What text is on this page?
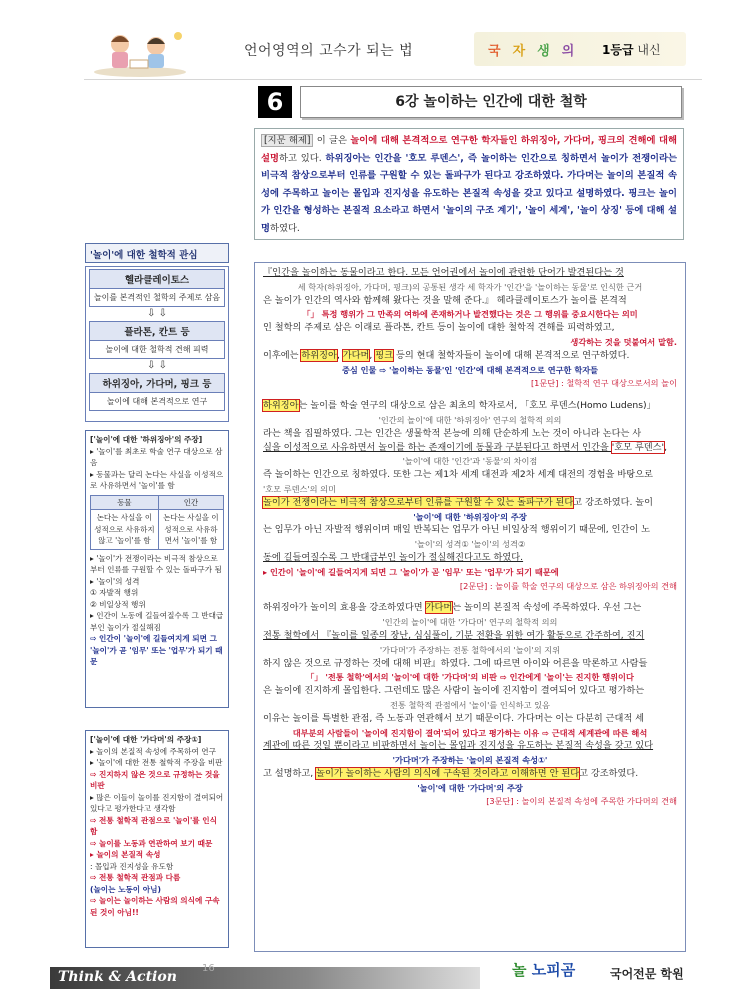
언어영역의 고수가 되는 법	국 자 생 의	1등급 내신
6	6강 놀이하는 인간에 대한 철학
[지문 해제] 이 글은 놀이에 대해 본격적으로 연구한 학자들인 하위징아, 가다머, 핑크의 견해에 대해 설명하고 있다. 하위징아는 인간을 '호모 루덴스', 즉 놀이하는 인간으로 칭하면서 놀이가 전쟁이라는 비극적 참상으로부터 인류를 구원할 수 있는 돌파구가 된다고 강조하였다. 가다머는 놀이의 본질적 속성에 주목하고 놀이는 몰입과 진지성을 유도하는 본질적 속성을 갖고 있다고 설명하였다. 핑크는 놀이가 인간을 형성하는 본질적 요소라고 하면서 '놀이의 구조 계기', '놀이 세계', '놀이 상징' 등에 대해 설명하였다.
'놀이'에 대한 철학적 관심
헬라클레이토스
놀이를 본격적인 철학의 주제로 삼음
⇩ ⇩
플라톤, 칸트 등
놀이에 대한 철학적 견해 피력
⇩ ⇩
하위징아, 가다머, 핑크 등
놀이에 대해 본격적으로 연구
['놀이'에 대한 '하위징아'의 주장]
▸ '놀이'를 최초로 학술 연구 대상으로 삼음
▸ 동물과는 달리 논다는 사실을 이성적으로 사유하면서 '놀이'를 함
동물	인간
논다는 사실을 이성적으로 사유하지 않고 '놀이'를 함	논다는 사실을 이성적으로 사유하면서 '놀이'를 함
▸ '놀이'가 전쟁이라는 비극적 참상으로부터 인류를 구원할 수 있는 돌파구가 됨
▸ '놀이'의 성격
① 자발적 행위
② 비일상적 행위
▸ 인간이 노동에 길들여질수록 그 반대급부인 놀이가 절실해짐
⇨ 인간이 '놀이'에 길들여지게 되면 그 '놀이'가 곧 '임무' 또는 '업무'가 되기 때문
['놀이'에 대한 '가다머'의 주장①]
▸ 놀이의 본질적 속성에 주목하여 연구
▸ '놀이'에 대한 전통 철학적 주장을 비판
⇨ 진지하지 않은 것으로 규정하는 것을 비판
▸ 많은 이들이 놀이를 진지함이 결여되어 있다고 평가한다고 생각함
⇨ 전통 철학적 관점으로 '놀이'를 인식함
⇨ 놀이를 노동과 연관하여 보기 때문
▸ 놀이의 본질적 속성
: 몰입과 진지성을 유도함
⇨ 전통 철학적 관점과 다름
(놀이는 노동이 아님)
⇨ 놀이는 놀이하는 사람의 의식에 구속된 것이 아님!!

『인간을 놀이하는 동물이라고 한다. 모든 언어권에서 놀이에 관련한 단어가 발견된다는 것

세 학자(하위징아, 가다머, 핑크)의 공통된 생각 세 학자가 '인간'을 '놀이하는 동물'로 인식한 근거

은 놀이가 인간의 역사와 함께해 왔다는 것을 말해 준다.』 헤라클레이토스가 놀이를 본격적

「」 특정 행위가 그 만족의 여하에 존재하거나 발견했다는 것은 그 행위를 중요시한다는 의미

인 철학의 주제로 삼은 이래로 플라톤, 칸트 등이 놀이에 대한 철학적 견해를 피력하였고,

생각하는 것을 덧붙여서 말함.

이후에는 하위징아, 가다머, 핑크 등의 현대 철학자들이 놀이에 대해 본격적으로 연구하였다.

중심 인물 ⇨ '놀이하는 동물'인 '인간'에 대해 본격적으로 연구한 학자들
[1문단] : 철학적 연구 대상으로서의 놀이

하위징아는 놀이를 학술 연구의 대상으로 삼은 최초의 학자로서, 「호모 루덴스(Homo Ludens)」

'인간의 놀이'에 대한 '하위징아' 연구의 철학적 의의

라는 책을 집필하였다. 그는 인간은 생물학적 본능에 의해 단순하게 노는 것이 아니라 논다는 사

실을 이성적으로 사유하면서 놀이를 하는 존재이기에 동물과 구분된다고 하면서 인간을 '호모 루덴스',

'놀이'에 대한 '인간'과 '동물'의 차이점

즉 놀이하는 인간으로 칭하였다. 또한 그는 제1차 세계 대전과 제2차 세계 대전의 경험을 바탕으로

'호모 루덴스'의 의미

놀이가 전쟁이라는 비극적 참상으로부터 인류를 구원할 수 있는 돌파구가 된다고 강조하였다. 놀이

'놀이'에 대한 '하위징아'의 주장

는 임무가 아닌 자발적 행위이며 매일 반복되는 업무가 아닌 비일상적 행위이기 때문에, 인간이 노

'놀이'의 성격① '놀이'의 성격②

동에 길들여질수록 그 반대급부인 놀이가 절실해진다고도 하였다.

▸ 인간이 '놀이'에 길들여지게 되면 그 '놀이'가 곧 '임무' 또는 '업무'가 되기 때문에
[2문단] : 놀이를 학술 연구의 대상으로 삼은 하위징아의 견해

하위징아가 놀이의 효용을 강조하였다면 가다머는 놀이의 본질적 속성에 주목하였다. 우선 그는

'인간의 놀이'에 대한 '가다머' 연구의 철학적 의의

전통 철학에서 『놀이를 일종의 장난, 심심풀이, 기분 전환을 위한 여가 활동으로 간주하여, 진지

'가다머'가 주장하는 전통 철학에서의 '놀이'의 지위

하지 않은 것으로 규정하는 것에 대해 비판』하였다. 그에 따르면 아이와 어른을 막론하고 사람들

「」 '전통 철학'에서의 '놀이'에 대한 '가다머'의 비판 ⇨ 인간에게 '놀이'는 진지한 행위이다

은 놀이에 진지하게 몰입한다. 그런데도 많은 사람이 놀이에 진지함이 결여되어 있다고 평가하는

전통 철학적 관점에서 '놀이'를 인식하고 있음

이유는 놀이를 특별한 관점, 즉 노동과 연관해서 보기 때문이다. 가다머는 이는 다분히 근대적 세

대부분의 사람들이 '놀이에 진지함이 결여'되어 있다고 평가하는 이유 ⇨ 근대적 세계관에 따른 해석

계관에 따른 것일 뿐이라고 비판하면서 놀이는 몰입과 진지성을 유도하는 본질적 속성을 갖고 있다

'가다머'가 주장하는 '놀이의 본질적 속성①'

고 설명하고, 놀이가 놀이하는 사람의 의식에 구속된 것이라고 이해하면 안 된다고 강조하였다.

'놀이'에 대한 '가다머'의 주장
[3문단] : 놀이의 본질적 속성에 주목한 가다머의 견해
Think & Action
16	놀 노피곰	국어전문 학원
